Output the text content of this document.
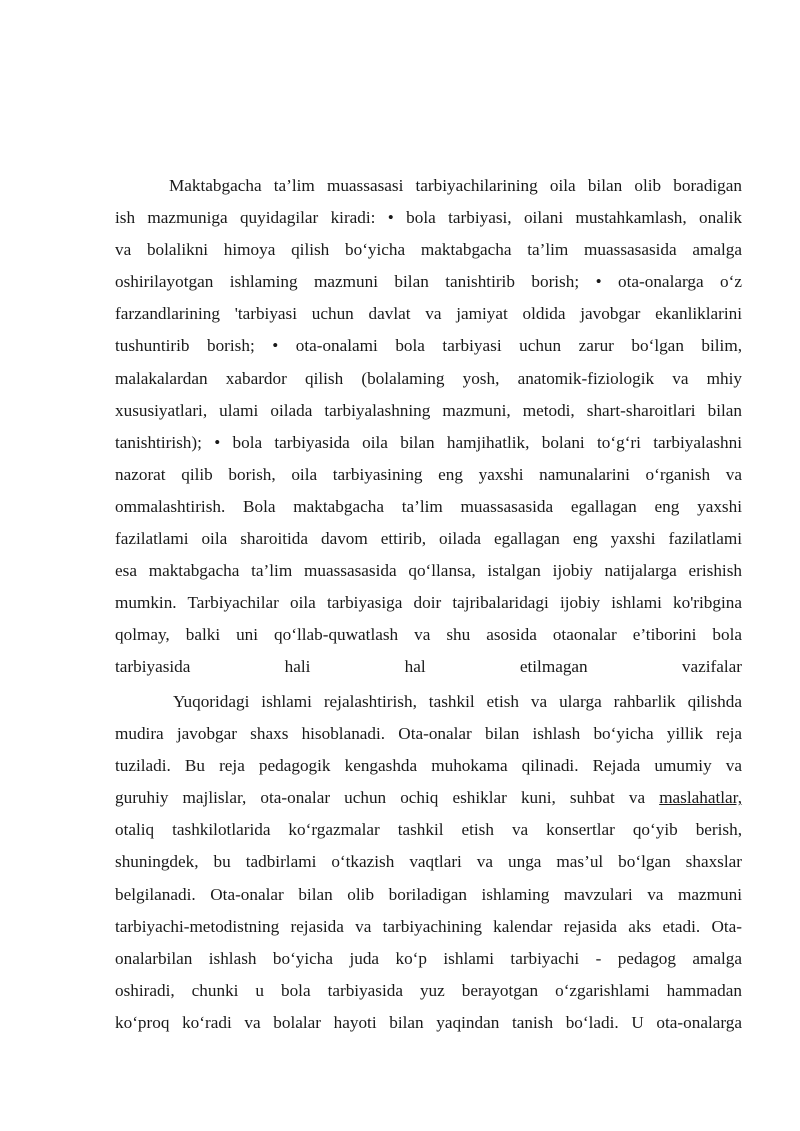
Maktabgacha ta’lim muassasasi tarbiyachilarining oila bilan olib boradigan
ish mazmuniga quyidagilar kiradi: • bola tarbiyasi, oilani mustahkamlash, onalik
va bolalikni himoya qilish bo‘yicha maktabgacha ta’lim muassasasida amalga
oshirilayotgan ishlaming mazmuni bilan tanishtirib borish; • ota-onalarga o‘z
farzandlarining 'tarbiyasi uchun davlat va jamiyat oldida javobgar ekanliklarini
tushuntirib borish; • ota-onalami bola tarbiyasi uchun zarur bo‘lgan bilim,
malakalardan xabardor qilish (bolalaming yosh, anatomik-fiziologik va mhiy
xususiyatlari, ulami oilada tarbiyalashning mazmuni, metodi, shart-sharoitlari bilan
tanishtirish); • bola tarbiyasida oila bilan hamjihatlik, bolani to‘g‘ri tarbiyalashni
nazorat qilib borish, oila tarbiyasining eng yaxshi namunalarini o‘rganish va
ommalashtirish. Bola maktabgacha ta’lim muassasasida egallagan eng yaxshi
fazilatlami oila sharoitida davom ettirib, oilada egallagan eng yaxshi fazilatlami
esa maktabgacha ta’lim muassasasida qo‘llansa, istalgan ijobiy natijalarga erishish
mumkin. Tarbiyachilar oila tarbiyasiga doir tajribalaridagi ijobiy ishlami ko'ribgina
qolmay, balki uni qo‘llab-quwatlash va shu asosida otaonalar e’tiborini bola
tarbiyasida hali hal etilmagan vazifalar
Yuqoridagi ishlami rejalashtirish, tashkil etish va ularga rahbarlik qilishda
mudira javobgar shaxs hisoblanadi. Ota-onalar bilan ishlash bo‘yicha yillik reja
tuziladi. Bu reja pedagogik kengashda muhokama qilinadi. Rejada umumiy va
guruhiy majlislar, ota-onalar uchun ochiq eshiklar kuni, suhbat va maslahatlar,
otaliq tashkilotlarida ko‘rgazmalar tashkil etish va konsertlar qo‘yib berish,
shuningdek, bu tadbirlami o‘tkazish vaqtlari va unga mas’ul bo‘lgan shaxslar
belgilanadi. Ota-onalar bilan olib boriladigan ishlaming mavzulari va mazmuni
tarbiyachi-metodistning rejasida va tarbiyachining kalendar rejasida aks etadi. Ota-
onalarbilan ishlash bo‘yicha juda ko‘p ishlami tarbiyachi - pedagog amalga
oshiradi, chunki u bola tarbiyasida yuz berayotgan o‘zgarishlami hammadan
ko‘proq ko‘radi va bolalar hayoti bilan yaqindan tanish bo‘ladi. U ota-onalarga
